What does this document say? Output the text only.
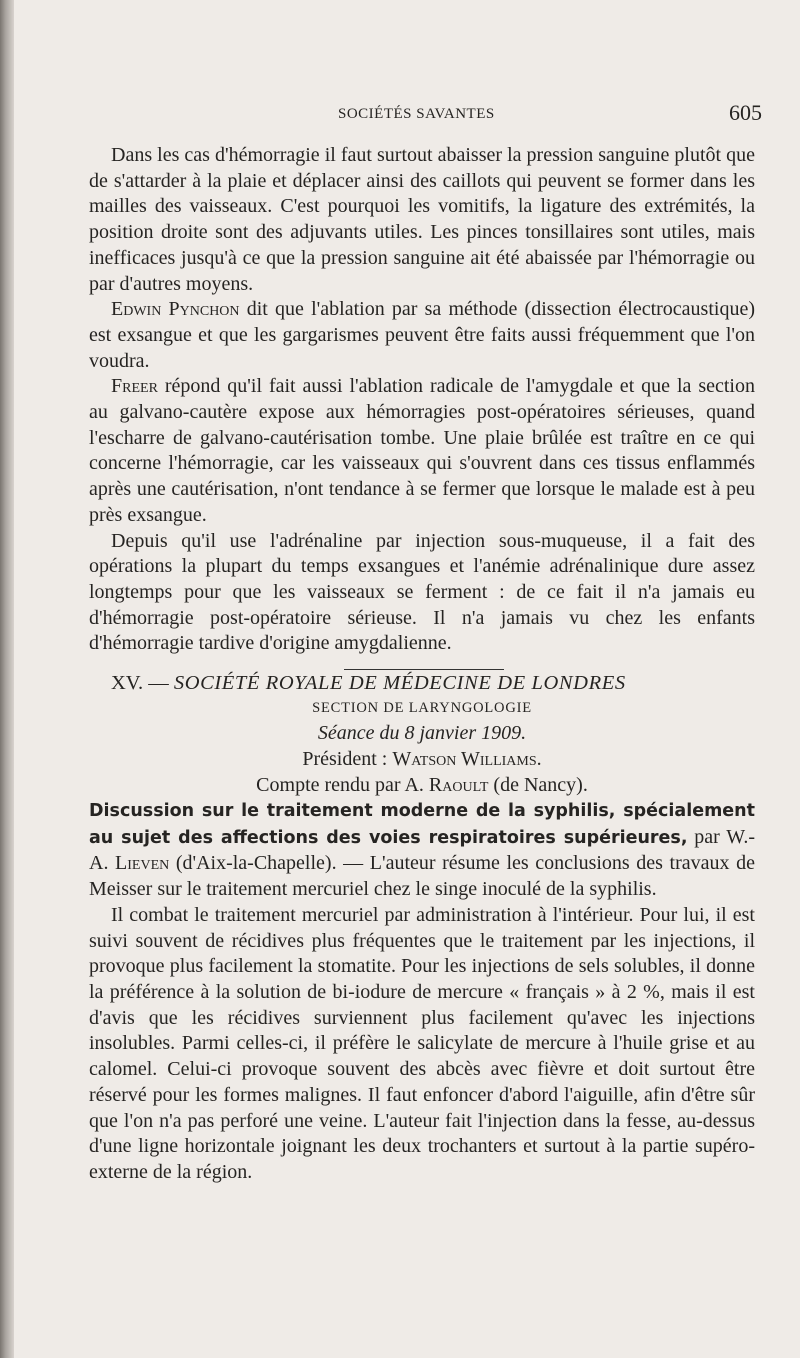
SOCIÉTÉS SAVANTES	605

Dans les cas d'hémorragie il faut surtout abaisser la pression sanguine plutôt que de s'attarder à la plaie et déplacer ainsi des caillots qui peuvent se former dans les mailles des vaisseaux. C'est pourquoi les vomitifs, la ligature des extrémités, la position droite sont des adjuvants utiles. Les pinces tonsillaires sont utiles, mais inefficaces jusqu'à ce que la pression sanguine ait été abaissée par l'hémorragie ou par d'autres moyens.

Edwin Pynchon dit que l'ablation par sa méthode (dissection électrocaustique) est exsangue et que les gargarismes peuvent être faits aussi fréquemment que l'on voudra.

Freer répond qu'il fait aussi l'ablation radicale de l'amygdale et que la section au galvano-cautère expose aux hémorragies post-opératoires sérieuses, quand l'escharre de galvano-cautérisation tombe. Une plaie brûlée est traître en ce qui concerne l'hémorragie, car les vaisseaux qui s'ouvrent dans ces tissus enflammés après une cautérisation, n'ont tendance à se fermer que lorsque le malade est à peu près exsangue.

Depuis qu'il use l'adrénaline par injection sous-muqueuse, il a fait des opérations la plupart du temps exsangues et l'anémie adrénalinique dure assez longtemps pour que les vaisseaux se ferment : de ce fait il n'a jamais eu d'hémorragie post-opératoire sérieuse. Il n'a jamais vu chez les enfants d'hémorragie tardive d'origine amygdalienne.

XV. — SOCIÉTÉ ROYALE DE MÉDECINE DE LONDRES

SECTION DE LARYNGOLOGIE

Séance du 8 janvier 1909.

Président : Watson Williams.

Compte rendu par A. Raoult (de Nancy).

Discussion sur le traitement moderne de la syphilis, spécialement au sujet des affections des voies respiratoires supérieures, par W.-A. Lieven (d'Aix-la-Chapelle). — L'auteur résume les conclusions des travaux de Meisser sur le traitement mercuriel chez le singe inoculé de la syphilis.

Il combat le traitement mercuriel par administration à l'intérieur. Pour lui, il est suivi souvent de récidives plus fréquentes que le traitement par les injections, il provoque plus facilement la stomatite. Pour les injections de sels solubles, il donne la préférence à la solution de bi-iodure de mercure « français » à 2 %, mais il est d'avis que les récidives surviennent plus facilement qu'avec les injections insolubles. Parmi celles-ci, il préfère le salicylate de mercure à l'huile grise et au calomel. Celui-ci provoque souvent des abcès avec fièvre et doit surtout être réservé pour les formes malignes. Il faut enfoncer d'abord l'aiguille, afin d'être sûr que l'on n'a pas perforé une veine. L'auteur fait l'injection dans la fesse, au-dessus d'une ligne horizontale joignant les deux trochanters et surtout à la partie supéro-externe de la région.
